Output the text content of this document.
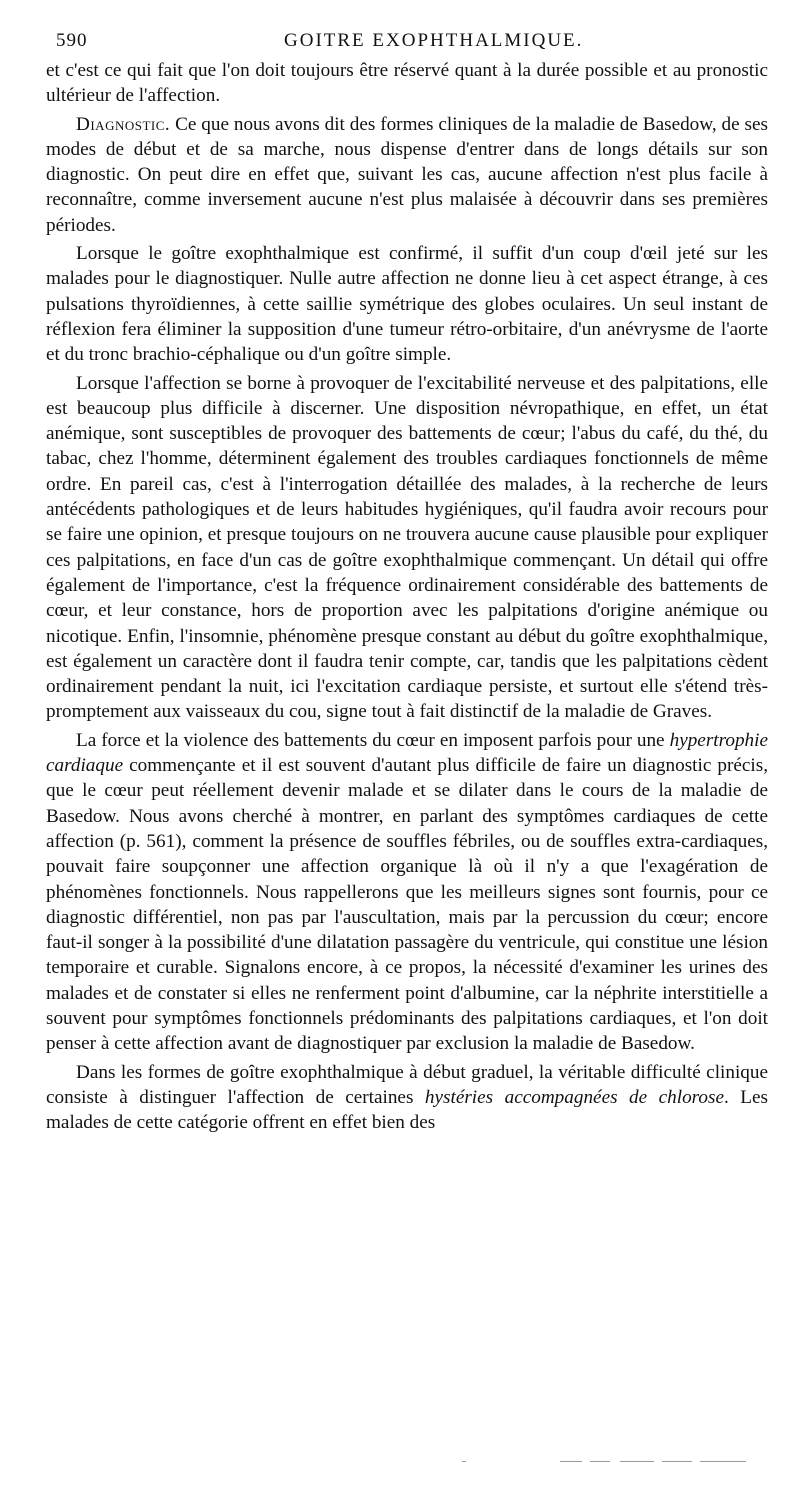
590	GOITRE EXOPHTHALMIQUE.

et c'est ce qui fait que l'on doit toujours être réservé quant à la durée possible et au pronostic ultérieur de l'affection.

Diagnostic. Ce que nous avons dit des formes cliniques de la maladie de Basedow, de ses modes de début et de sa marche, nous dispense d'entrer dans de longs détails sur son diagnostic. On peut dire en effet que, suivant les cas, aucune affection n'est plus facile à reconnaître, comme inversement aucune n'est plus malaisée à découvrir dans ses premières périodes.

Lorsque le goître exophthalmique est confirmé, il suffit d'un coup d'œil jeté sur les malades pour le diagnostiquer. Nulle autre affection ne donne lieu à cet aspect étrange, à ces pulsations thyroïdiennes, à cette saillie symétrique des globes oculaires. Un seul instant de réflexion fera éliminer la supposition d'une tumeur rétro-orbitaire, d'un anévrysme de l'aorte et du tronc brachio-céphalique ou d'un goître simple.

Lorsque l'affection se borne à provoquer de l'excitabilité nerveuse et des palpitations, elle est beaucoup plus difficile à discerner. Une disposition névropathique, en effet, un état anémique, sont susceptibles de provoquer des battements de cœur; l'abus du café, du thé, du tabac, chez l'homme, déterminent également des troubles cardiaques fonctionnels de même ordre. En pareil cas, c'est à l'interrogation détaillée des malades, à la recherche de leurs antécédents pathologiques et de leurs habitudes hygiéniques, qu'il faudra avoir recours pour se faire une opinion, et presque toujours on ne trouvera aucune cause plausible pour expliquer ces palpitations, en face d'un cas de goître exophthalmique commençant. Un détail qui offre également de l'importance, c'est la fréquence ordinairement considérable des battements de cœur, et leur constance, hors de proportion avec les palpitations d'origine anémique ou nicotique. Enfin, l'insomnie, phénomène presque constant au début du goître exophthalmique, est également un caractère dont il faudra tenir compte, car, tandis que les palpitations cèdent ordinairement pendant la nuit, ici l'excitation cardiaque persiste, et surtout elle s'étend très-promptement aux vaisseaux du cou, signe tout à fait distinctif de la maladie de Graves.

La force et la violence des battements du cœur en imposent parfois pour une hypertrophie cardiaque commençante et il est souvent d'autant plus difficile de faire un diagnostic précis, que le cœur peut réellement devenir malade et se dilater dans le cours de la maladie de Basedow. Nous avons cherché à montrer, en parlant des symptômes cardiaques de cette affection (p. 561), comment la présence de souffles fébriles, ou de souffles extra-cardiaques, pouvait faire soupçonner une affection organique là où il n'y a que l'exagération de phénomènes fonctionnels. Nous rappellerons que les meilleurs signes sont fournis, pour ce diagnostic différentiel, non pas par l'auscultation, mais par la percussion du cœur; encore faut-il songer à la possibilité d'une dilatation passagère du ventricule, qui constitue une lésion temporaire et curable. Signalons encore, à ce propos, la nécessité d'examiner les urines des malades et de constater si elles ne renferment point d'albumine, car la néphrite interstitielle a souvent pour symptômes fonctionnels prédominants des palpitations cardiaques, et l'on doit penser à cette affection avant de diagnostiquer par exclusion la maladie de Basedow.

Dans les formes de goître exophthalmique à début graduel, la véritable difficulté clinique consiste à distinguer l'affection de certaines hystéries accompagnées de chlorose. Les malades de cette catégorie offrent en effet bien des
